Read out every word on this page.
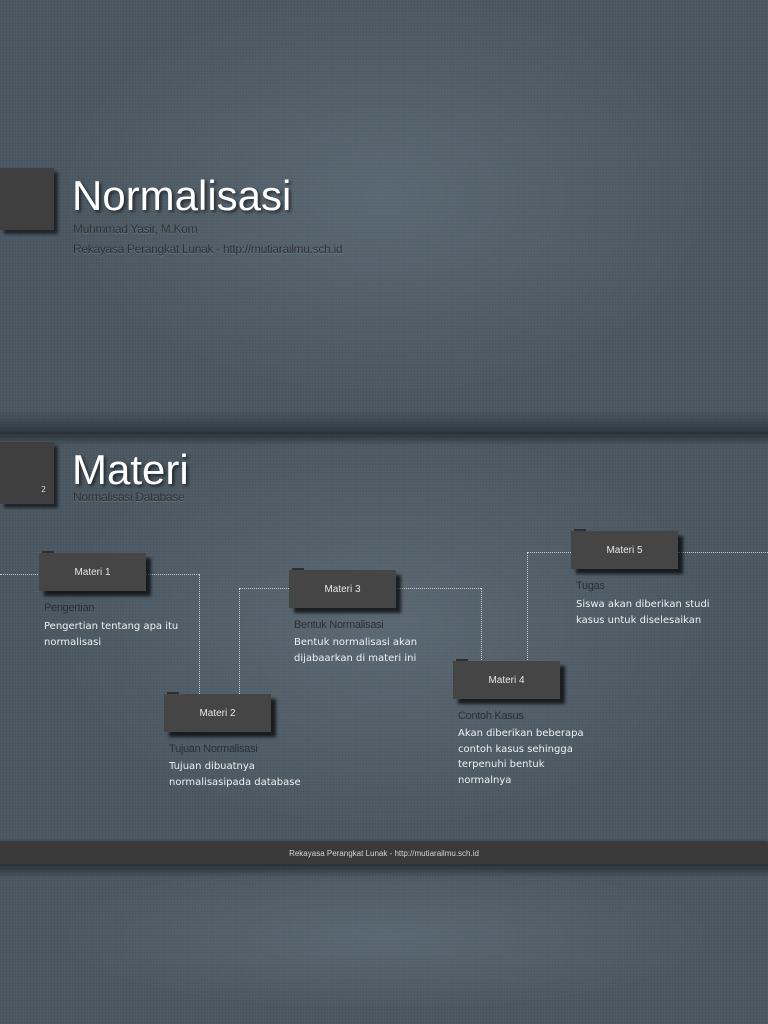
Normalisasi

Muhmmad Yasir, M.Kom

Rekayasa Perangkat Lunak - http://mutiarailmu.sch.id

2 Materi

Normalisasi Database

Materi 1

Pengertian

Pengertian tentang apa itu normalisasi

Materi 2

Tujuan Normalisasi

Tujuan dibuatnya normalisasipada database

Materi 3

Bentuk Normalisasi

Bentuk normalisasi akan dijabaarkan di materi ini

Materi 4

Contoh Kasus

Akan diberikan beberapa contoh kasus sehingga terpenuhi bentuk normalnya

Materi 5

Tugas

Siswa akan diberikan studi kasus untuk diselesaikan

Rekayasa Perangkat Lunak - http://mutiarailmu.sch.id
